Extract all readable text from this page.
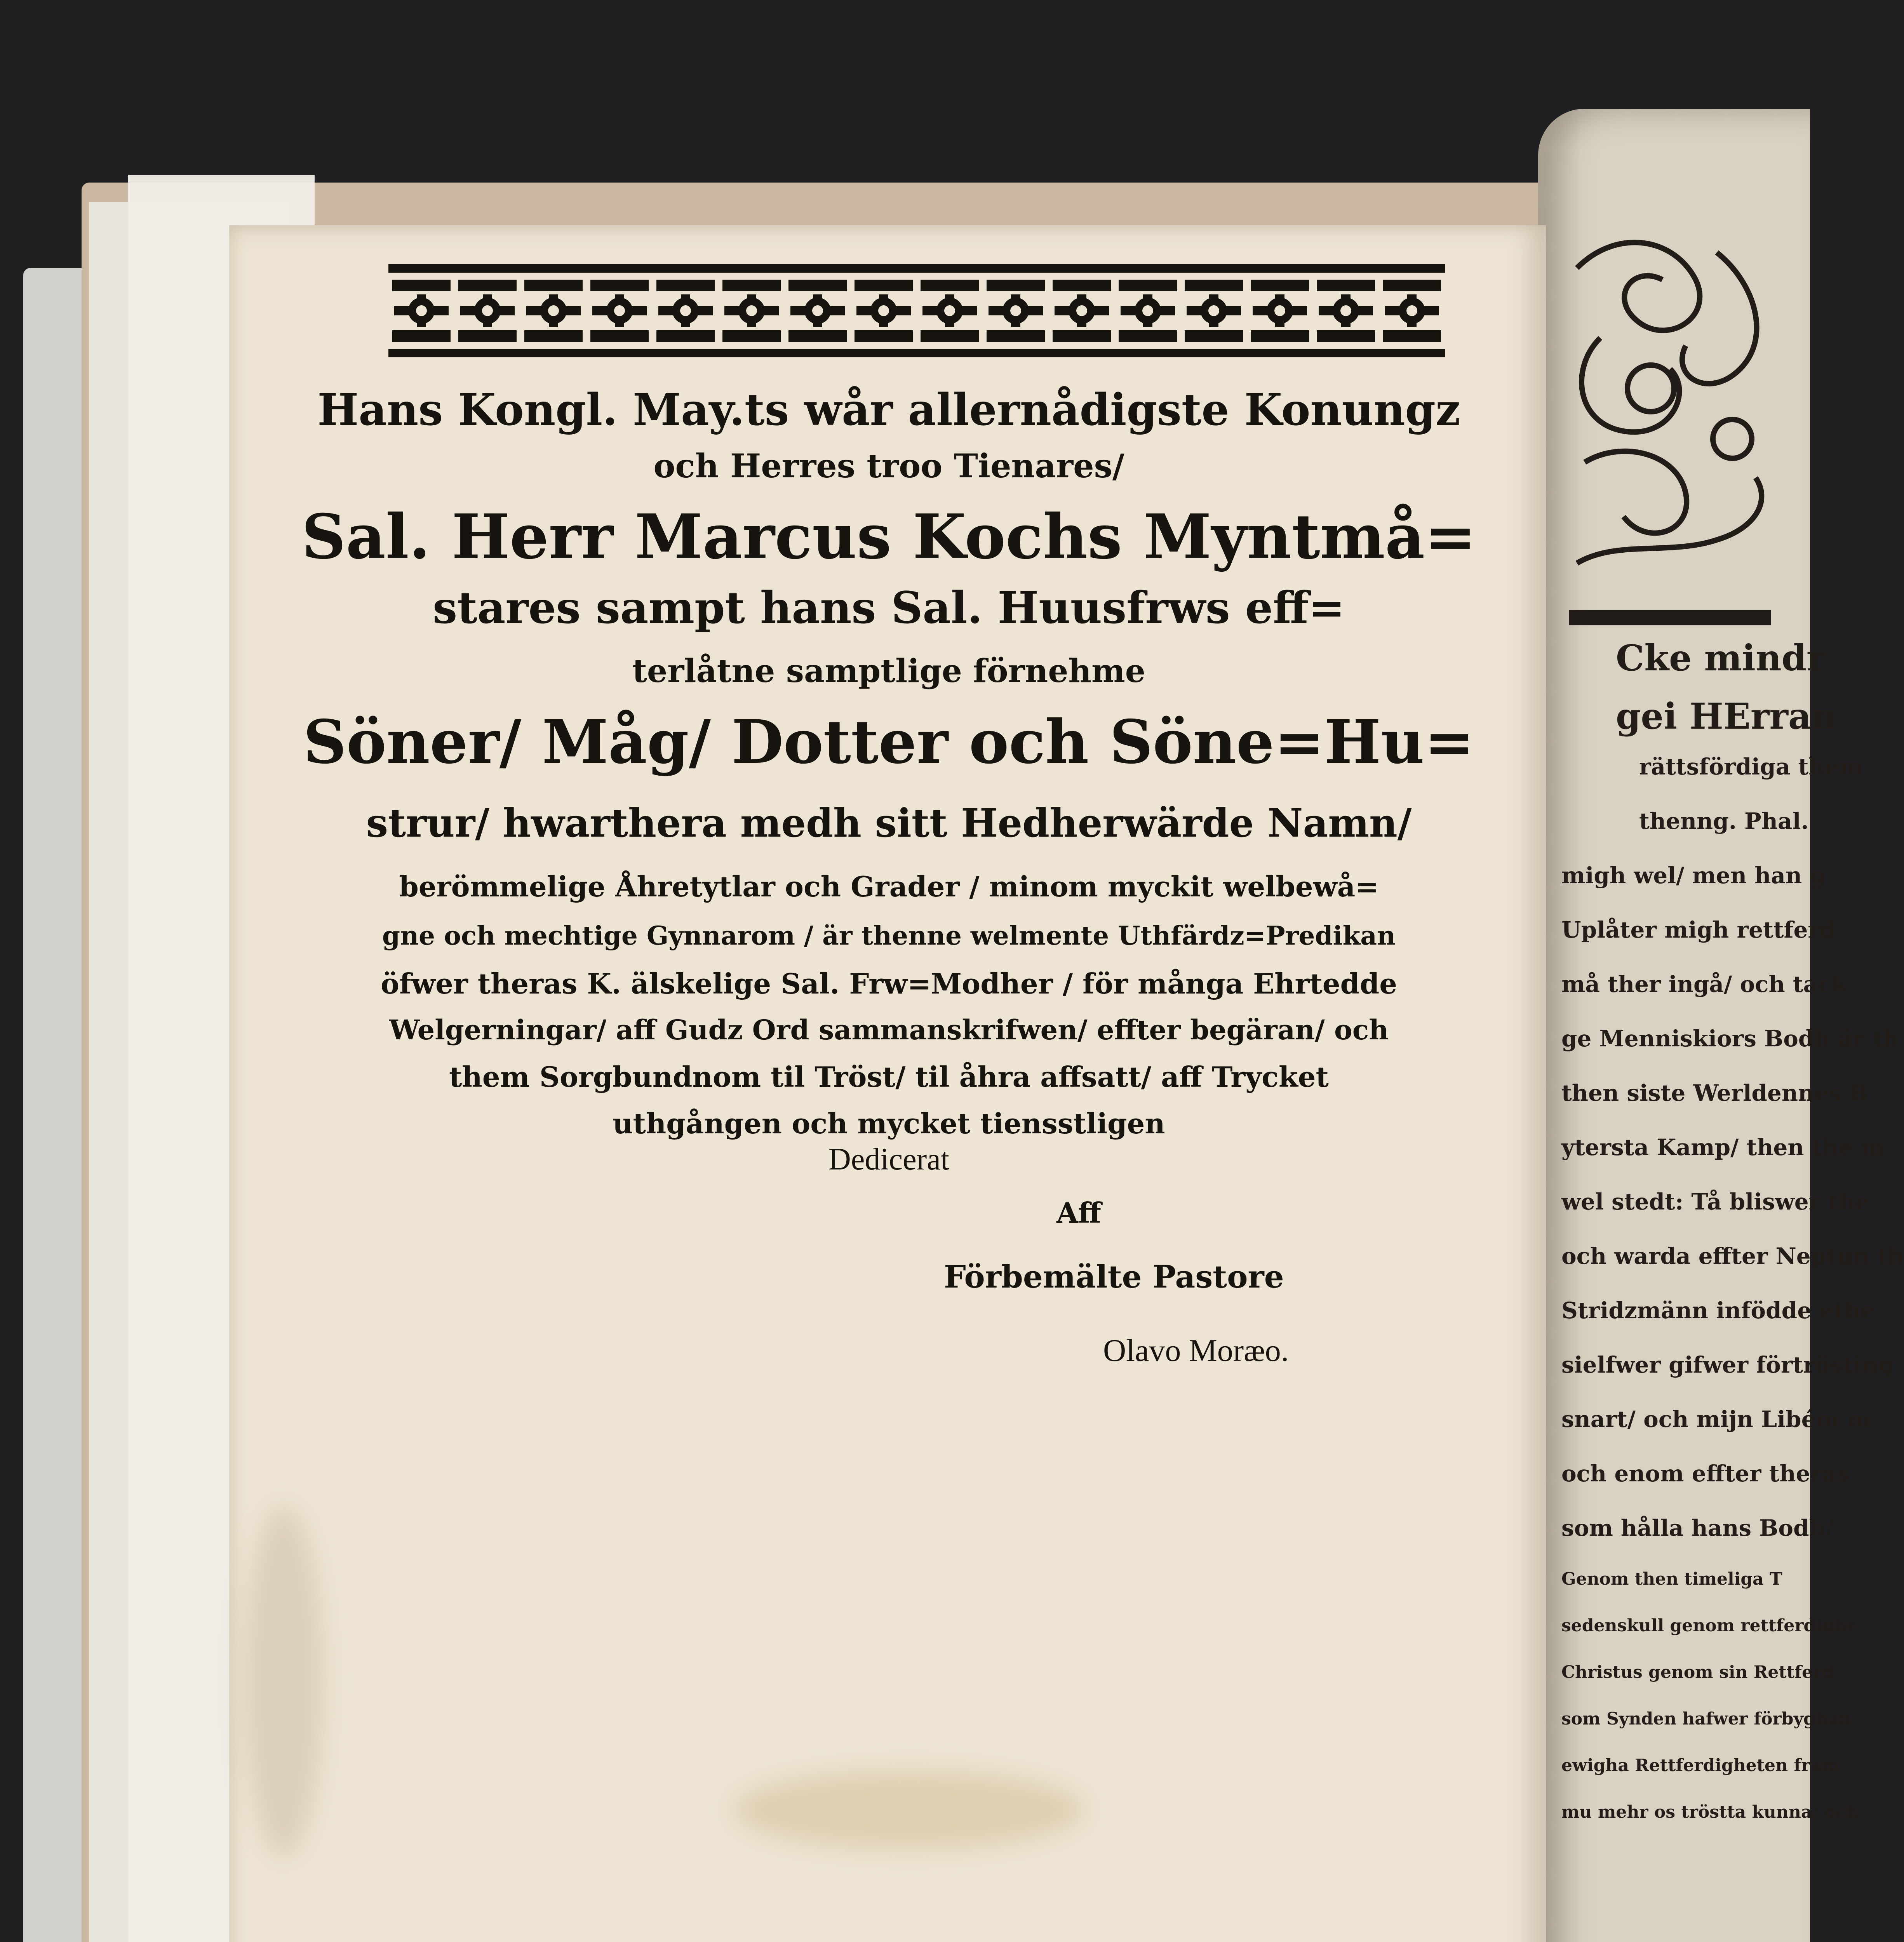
Cke mindr
gei HErran
rättsfördiga them
thenng. Phal.
migh wel/ men han g
Uplåter migh rettferd
må ther ingå/ och tack
ge Menniskiors Bodh är th
then siste Werldennes B
ytersta Kamp/ then the m
wel stedt: Tå bliswer the
och warda effter Neptun th
Stridzmänn infödde ethe
sielfwer gifwer förtrösting
snart/ och mijn Libém m
och enom effter theras
som hålla hans Bodh/
Genom then timeliga T
sedenskull genom rettferdighe
Christus genom sin Rettferd
som Synden hafwer förbyghan
ewigha Rettferdigheten fram
mu mehr os tröstta kunna/ och
Hans Kongl. May.ts wår allernådigste Konungz
och Herres troo Tienares/
Sal. Herr Marcus Kochs Myntmå=
stares sampt hans Sal. Huusfrws eff=
terlåtne samptlige förnehme
Söner/ Måg/ Dotter och Söne=Hu=
strur/ hwarthera medh sitt Hedherwärde Namn/
berömmelige Åhretytlar och Grader / minom myckit welbewå=
gne och mechtige Gynnarom / är thenne welmente Uthfärdz=Predikan
öfwer theras K. älskelige Sal. Frw=Modher / för många Ehrtedde
Welgerningar/ aff Gudz Ord sammanskrifwen/ effter begäran/ och
them Sorgbundnom til Tröst/ til åhra affsatt/ aff Trycket
uthgången och mycket tiensstligen
Dedicerat
Aff
Förbemälte Pastore
Olavo Moræo.
